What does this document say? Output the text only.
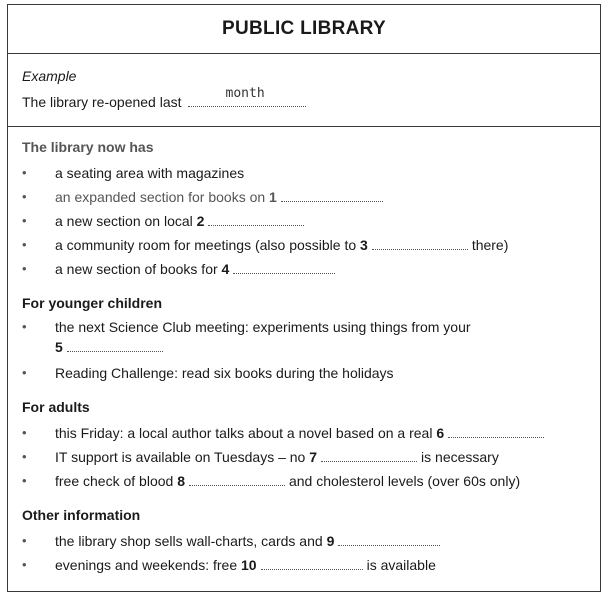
PUBLIC LIBRARY
Example
The library re-opened last
month
The library now has
• a seating area with magazines
• an expanded section for books on 1
• a new section on local 2
• a community room for meetings (also possible to 3	there)
• a new section of books for 4
For younger children
• the next Science Club meeting: experiments using things from your
5
• Reading Challenge: read six books during the holidays
For adults
• this Friday: a local author talks about a novel based on a real 6
• IT support is available on Tuesdays – no 7	is necessary
• free check of blood 8	and cholesterol levels (over 60s only)
Other information
• the library shop sells wall-charts, cards and 9
• evenings and weekends: free 10	is available
